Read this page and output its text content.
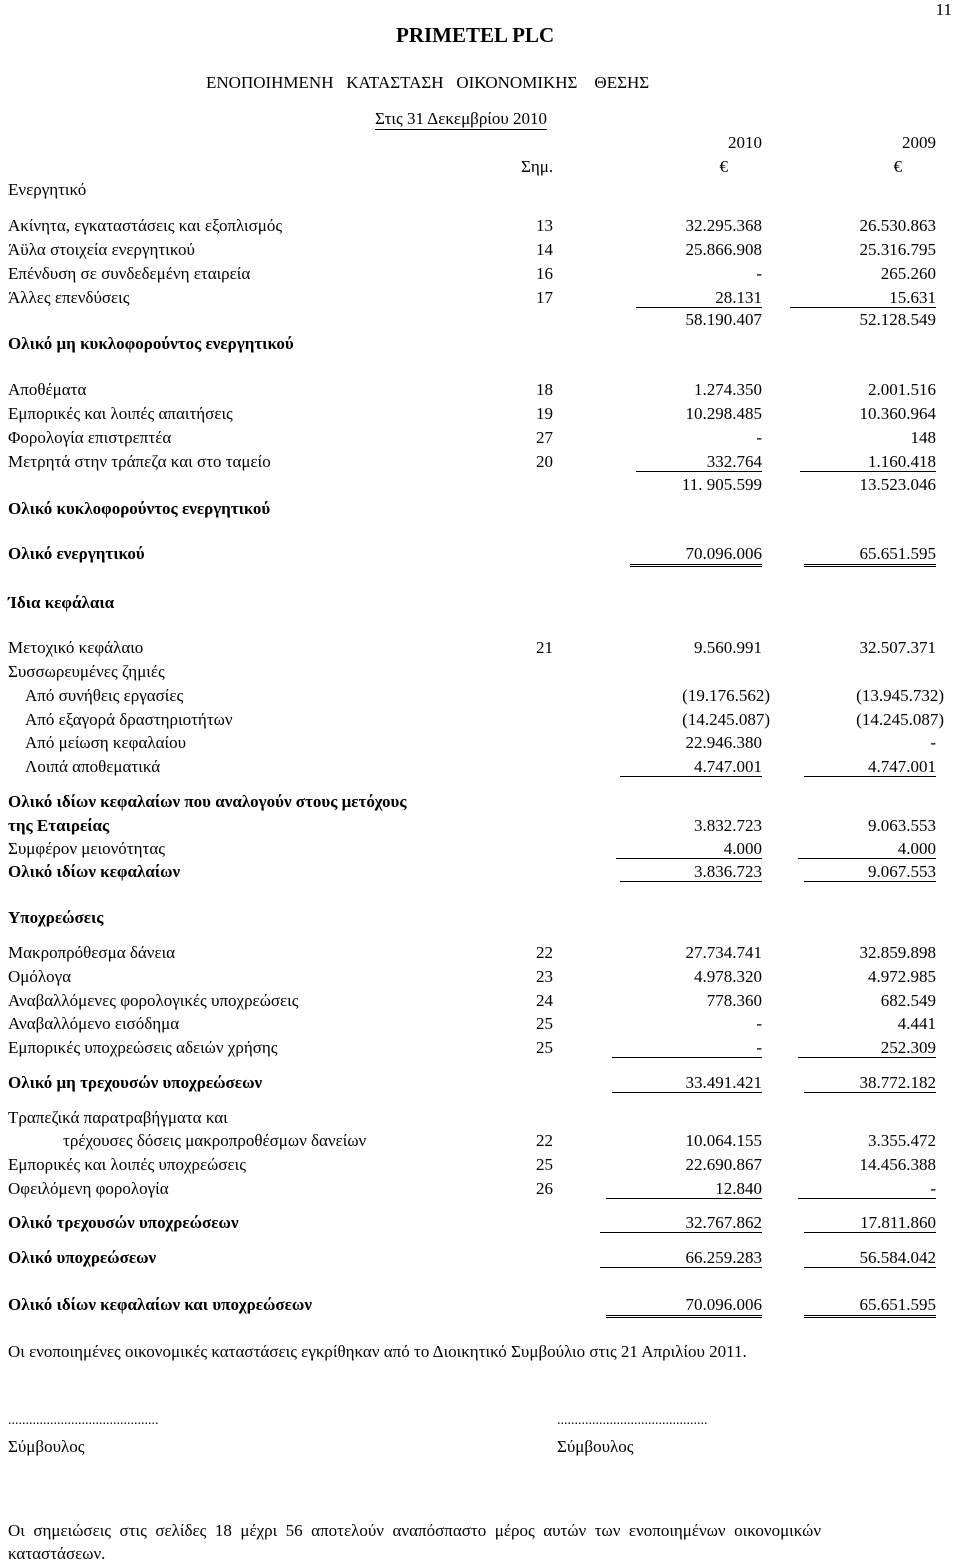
11
PRIMETEL PLC
ΕΝΟΠΟΙΗΜΕΝΗ   ΚΑΤΑΣΤΑΣΗ   ΟΙΚΟΝΟΜΙΚΗΣ    ΘΕΣΗΣ
Στις 31 Δεκεμβρίου 2010
2010	2009
Σημ.	€	€
Ενεργητικό
Ακίνητα, εγκαταστάσεις και εξοπλισμός	13	32.295.368	26.530.863
Άϋλα στοιχεία ενεργητικού	14	25.866.908	25.316.795
Επένδυση σε συνδεδεμένη εταιρεία	16	-	265.260
Άλλες επενδύσεις	17	28.131	15.631
58.190.407	52.128.549
Ολικό μη κυκλοφορούντος ενεργητικού
Αποθέματα	18	1.274.350	2.001.516
Εμπορικές και λοιπές απαιτήσεις	19	10.298.485	10.360.964
Φορολογία επιστρεπτέα	27	-	148
Μετρητά στην τράπεζα και στο ταμείο	20	332.764	1.160.418
11. 905.599	13.523.046
Ολικό κυκλοφορούντος ενεργητικού
Ολικό ενεργητικού	70.096.006	65.651.595
Ίδια κεφάλαια
Μετοχικό κεφάλαιο	21	9.560.991	32.507.371
Συσσωρευμένες ζημιές
Από συνήθεις εργασίες	(19.176.562)	(13.945.732)
Από εξαγορά δραστηριοτήτων	(14.245.087)	(14.245.087)
Από μείωση κεφαλαίου	22.946.380	-
Λοιπά αποθεματικά	4.747.001	4.747.001
Ολικό ιδίων κεφαλαίων που αναλογούν στους μετόχους
της Εταιρείας	3.832.723	9.063.553
Συμφέρον μειονότητας	4.000	4.000
Ολικό ιδίων κεφαλαίων	3.836.723	9.067.553
Υποχρεώσεις
Μακροπρόθεσμα δάνεια	22	27.734.741	32.859.898
Ομόλογα	23	4.978.320	4.972.985
Αναβαλλόμενες φορολογικές υποχρεώσεις	24	778.360	682.549
Αναβαλλόμενο εισόδημα	25	-	4.441
Εμπορικές υποχρεώσεις αδειών χρήσης	25	-	252.309
Ολικό μη τρεχουσών υποχρεώσεων	33.491.421	38.772.182
Τραπεζικά παρατραβήγματα και
τρέχουσες δόσεις μακροπροθέσμων δανείων	22	10.064.155	3.355.472
Εμπορικές και λοιπές υποχρεώσεις	25	22.690.867	14.456.388
Οφειλόμενη φορολογία	26	12.840	-
Ολικό τρεχουσών υποχρεώσεων	32.767.862	17.811.860
Ολικό υποχρεώσεων	66.259.283	56.584.042
Ολικό ιδίων κεφαλαίων και υποχρεώσεων	70.096.006	65.651.595
Οι ενοποιημένες οικονομικές καταστάσεις εγκρίθηκαν από το Διοικητικό Συμβούλιο στις 21 Απριλίου 2011.
...........................................	...........................................
Σύμβουλος	Σύμβουλος
Οι  σημειώσεις  στις  σελίδες  18  μέχρι  56  αποτελούν  αναπόσπαστο  μέρος  αυτών  των  ενοποιημένων  οικονομικών
καταστάσεων.
